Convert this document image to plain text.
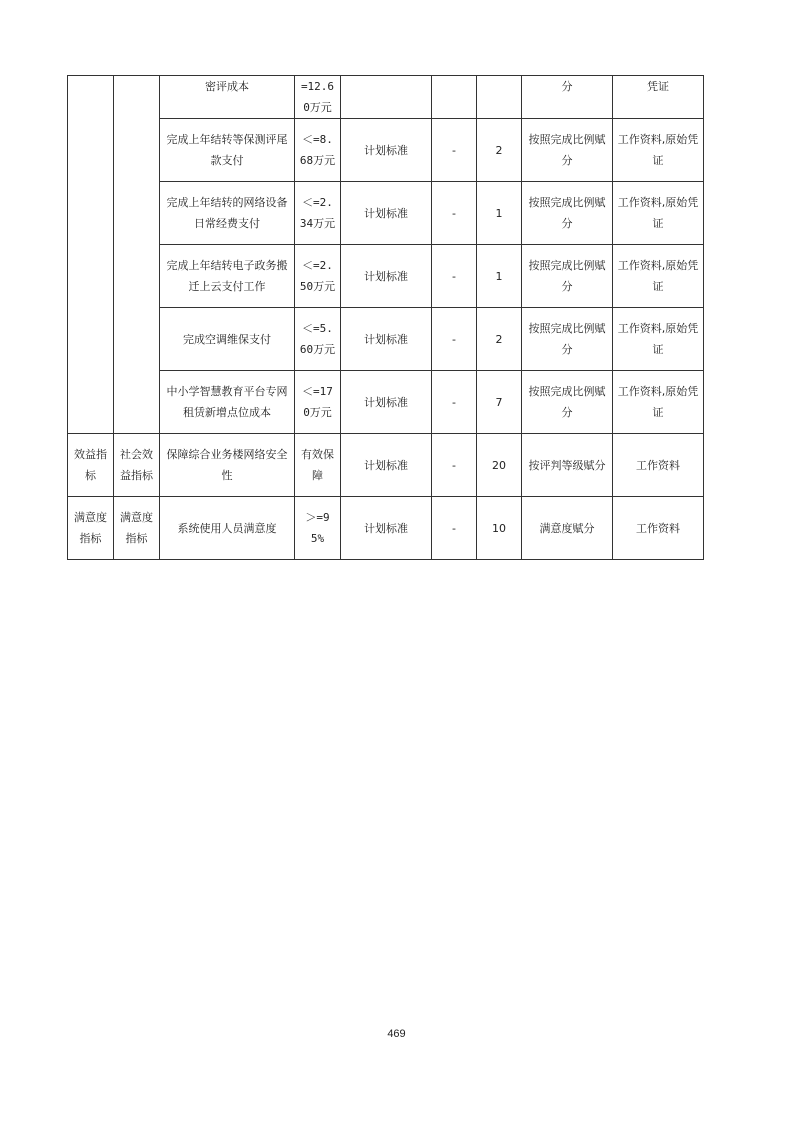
		密评成本	=12.60万元				分	凭证
		完成上年结转等保测评尾款支付	＜=8.68万元	计划标准	-	2	按照完成比例赋分	工作资料,原始凭证
		完成上年结转的网络设备日常经费支付	＜=2.34万元	计划标准	-	1	按照完成比例赋分	工作资料,原始凭证
		完成上年结转电子政务搬迁上云支付工作	＜=2.50万元	计划标准	-	1	按照完成比例赋分	工作资料,原始凭证
		完成空调维保支付	＜=5.60万元	计划标准	-	2	按照完成比例赋分	工作资料,原始凭证
		中小学智慧教育平台专网租赁新增点位成本	＜=170万元	计划标准	-	7	按照完成比例赋分	工作资料,原始凭证
效益指标	社会效益指标	保障综合业务楼网络安全性	有效保障	计划标准	-	20	按评判等级赋分	工作资料
满意度指标	满意度指标	系统使用人员满意度	＞=95%	计划标准	-	10	满意度赋分	工作资料
469
